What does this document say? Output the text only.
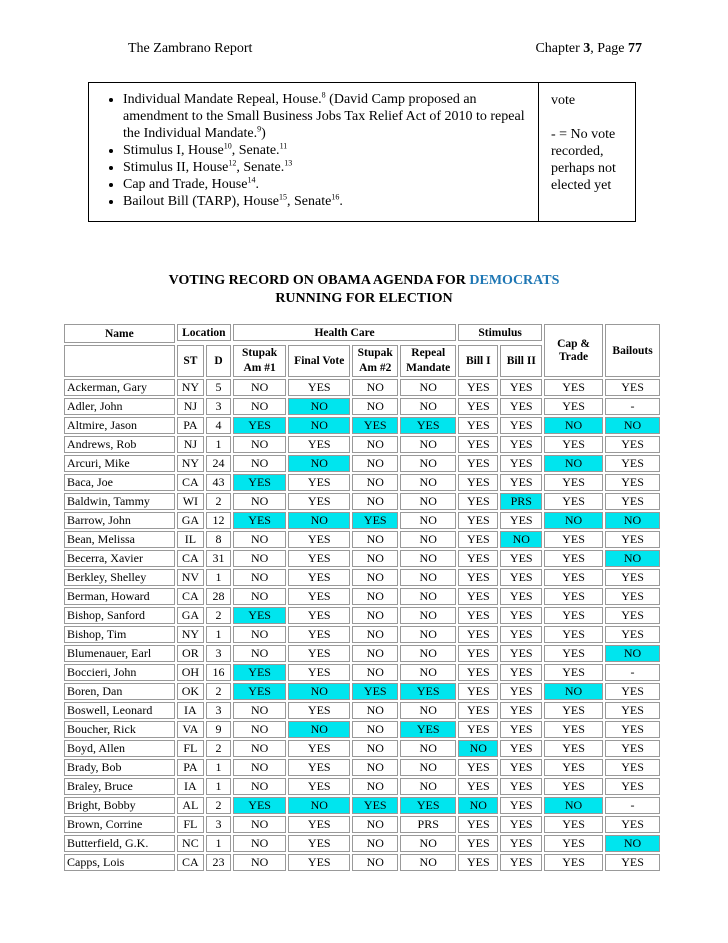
The Zambrano Report	Chapter 3, Page 77
• Individual Mandate Repeal, House.$^8$ (David Camp proposed an amendment to the Small Business Jobs Tax Relief Act of 2010 to repeal the Individual Mandate.$^9$)
• Stimulus I, House$^{10}$, Senate.$^{11}$
• Stimulus II, House$^{12}$, Senate.$^{13}$
• Cap and Trade, House$^{14}$.
• Bailout Bill (TARP), House$^{15}$, Senate$^{16}$.

vote

- = No vote recorded, perhaps not elected yet

VOTING RECORD ON OBAMA AGENDA FOR DEMOCRATS
RUNNING FOR ELECTION
Name	Location		Health Care				Stimulus		Cap & Trade	Bailouts

	ST	D	Stupak Am #1	Final Vote	Stupak Am #2	Repeal Mandate	Bill I	Bill II		
Ackerman, Gary	NY	5	NO	YES	NO	NO	YES	YES	YES	YES
Adler, John	NJ	3	NO	NO	NO	NO	YES	YES	YES	-
Altmire, Jason	PA	4	YES	NO	YES	YES	YES	YES	NO	NO
Andrews, Rob	NJ	1	NO	YES	NO	NO	YES	YES	YES	YES
Arcuri, Mike	NY	24	NO	NO	NO	NO	YES	YES	NO	YES
Baca, Joe	CA	43	YES	YES	NO	NO	YES	YES	YES	YES
Baldwin, Tammy	WI	2	NO	YES	NO	NO	YES	PRS	YES	YES
Barrow, John	GA	12	YES	NO	YES	NO	YES	YES	NO	NO
Bean, Melissa	IL	8	NO	YES	NO	NO	YES	NO	YES	YES
Becerra, Xavier	CA	31	NO	YES	NO	NO	YES	YES	YES	NO
Berkley, Shelley	NV	1	NO	YES	NO	NO	YES	YES	YES	YES
Berman, Howard	CA	28	NO	YES	NO	NO	YES	YES	YES	YES
Bishop, Sanford	GA	2	YES	YES	NO	NO	YES	YES	YES	YES
Bishop, Tim	NY	1	NO	YES	NO	NO	YES	YES	YES	YES
Blumenauer, Earl	OR	3	NO	YES	NO	NO	YES	YES	YES	NO
Boccieri, John	OH	16	YES	YES	NO	NO	YES	YES	YES	-
Boren, Dan	OK	2	YES	NO	YES	YES	YES	YES	NO	YES
Boswell, Leonard	IA	3	NO	YES	NO	NO	YES	YES	YES	YES
Boucher, Rick	VA	9	NO	NO	NO	YES	YES	YES	YES	YES
Boyd, Allen	FL	2	NO	YES	NO	NO	NO	YES	YES	YES
Brady, Bob	PA	1	NO	YES	NO	NO	YES	YES	YES	YES
Braley, Bruce	IA	1	NO	YES	NO	NO	YES	YES	YES	YES
Bright, Bobby	AL	2	YES	NO	YES	YES	NO	YES	NO	-
Brown, Corrine	FL	3	NO	YES	NO	PRS	YES	YES	YES	YES
Butterfield, G.K.	NC	1	NO	YES	NO	NO	YES	YES	YES	NO
Capps, Lois	CA	23	NO	YES	NO	NO	YES	YES	YES	YES
